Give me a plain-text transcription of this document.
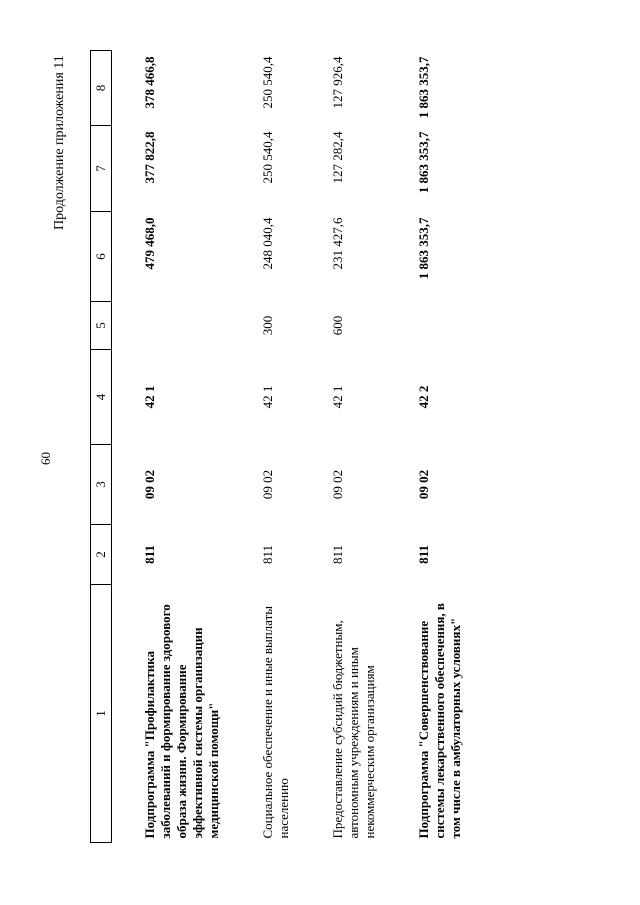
60
Продолжение приложения 11
1	2	3	4	5	6	7	8
Подпрограмма "Профилактика заболеваний и формирование здорового образа жизни. Формирование эффективной системы организации медицинской помощи"	811	09 02	42 1		479 468,0	377 822,8	378 466,8
Социальное обеспечение и иные выплаты населению	811	09 02	42 1	300	248 040,4	250 540,4	250 540,4
Предоставление субсидий бюджетным, автономным учреждениям и иным некоммерческим организациям	811	09 02	42 1	600	231 427,6	127 282,4	127 926,4
Подпрограмма "Совершенствование системы лекарственного обеспечения, в том числе в амбулаторных условиях"	811	09 02	42 2		1 863 353,7	1 863 353,7	1 863 353,7
